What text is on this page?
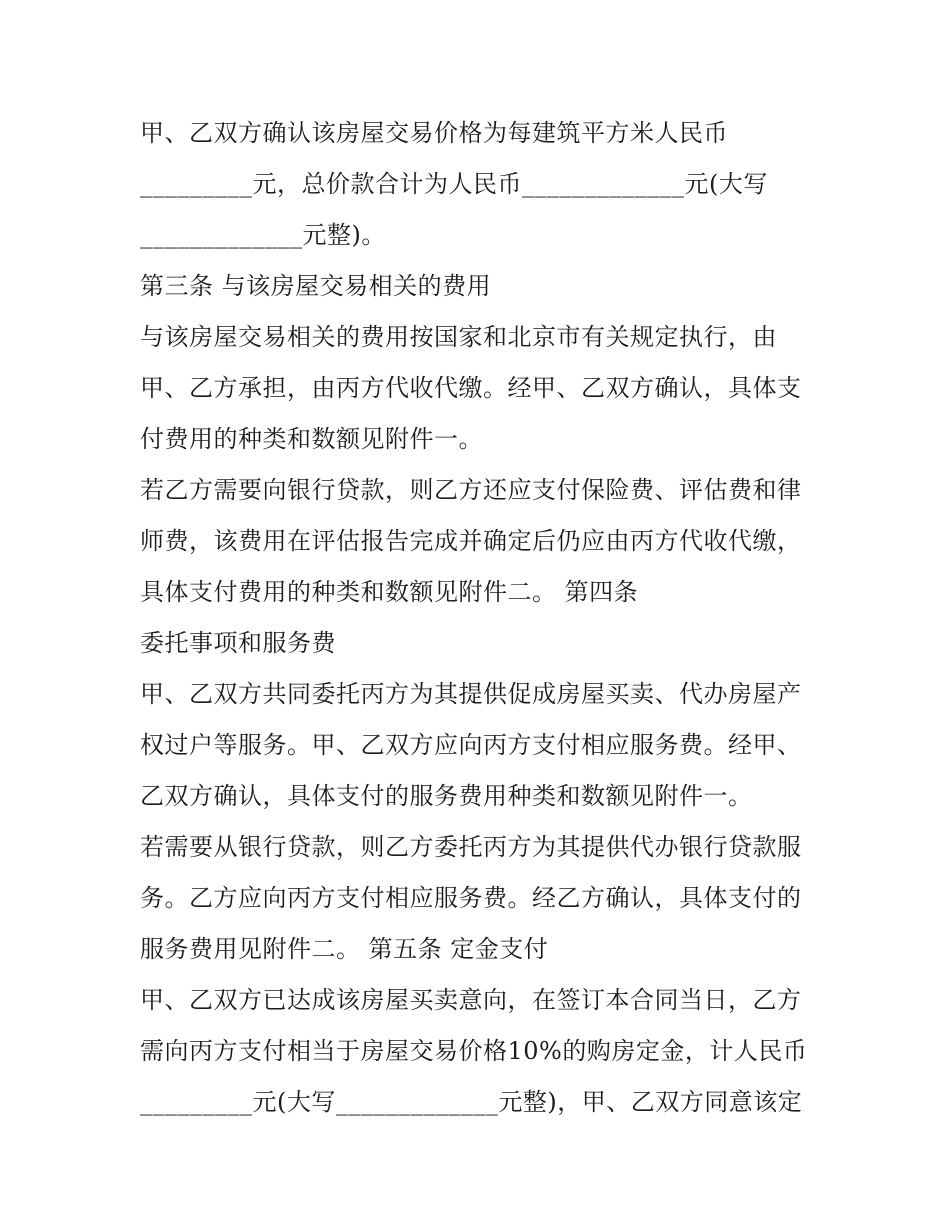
甲、乙双方确认该房屋交易价格为每建筑平方米人民币
_________元，总价款合计为人民币_____________元(大写
_____________元整)。
第三条 与该房屋交易相关的费用
与该房屋交易相关的费用按国家和北京市有关规定执行，由
甲、乙方承担，由丙方代收代缴。经甲、乙双方确认，具体支
付费用的种类和数额见附件一。
若乙方需要向银行贷款，则乙方还应支付保险费、评估费和律
师费，该费用在评估报告完成并确定后仍应由丙方代收代缴，
具体支付费用的种类和数额见附件二。 第四条
委托事项和服务费
甲、乙双方共同委托丙方为其提供促成房屋买卖、代办房屋产
权过户等服务。甲、乙双方应向丙方支付相应服务费。经甲、
乙双方确认，具体支付的服务费用种类和数额见附件一。
若需要从银行贷款，则乙方委托丙方为其提供代办银行贷款服
务。乙方应向丙方支付相应服务费。经乙方确认，具体支付的
服务费用见附件二。 第五条 定金支付
甲、乙双方已达成该房屋买卖意向，在签订本合同当日，乙方
需向丙方支付相当于房屋交易价格10%的购房定金，计人民币
_________元(大写_____________元整)，甲、乙双方同意该定
